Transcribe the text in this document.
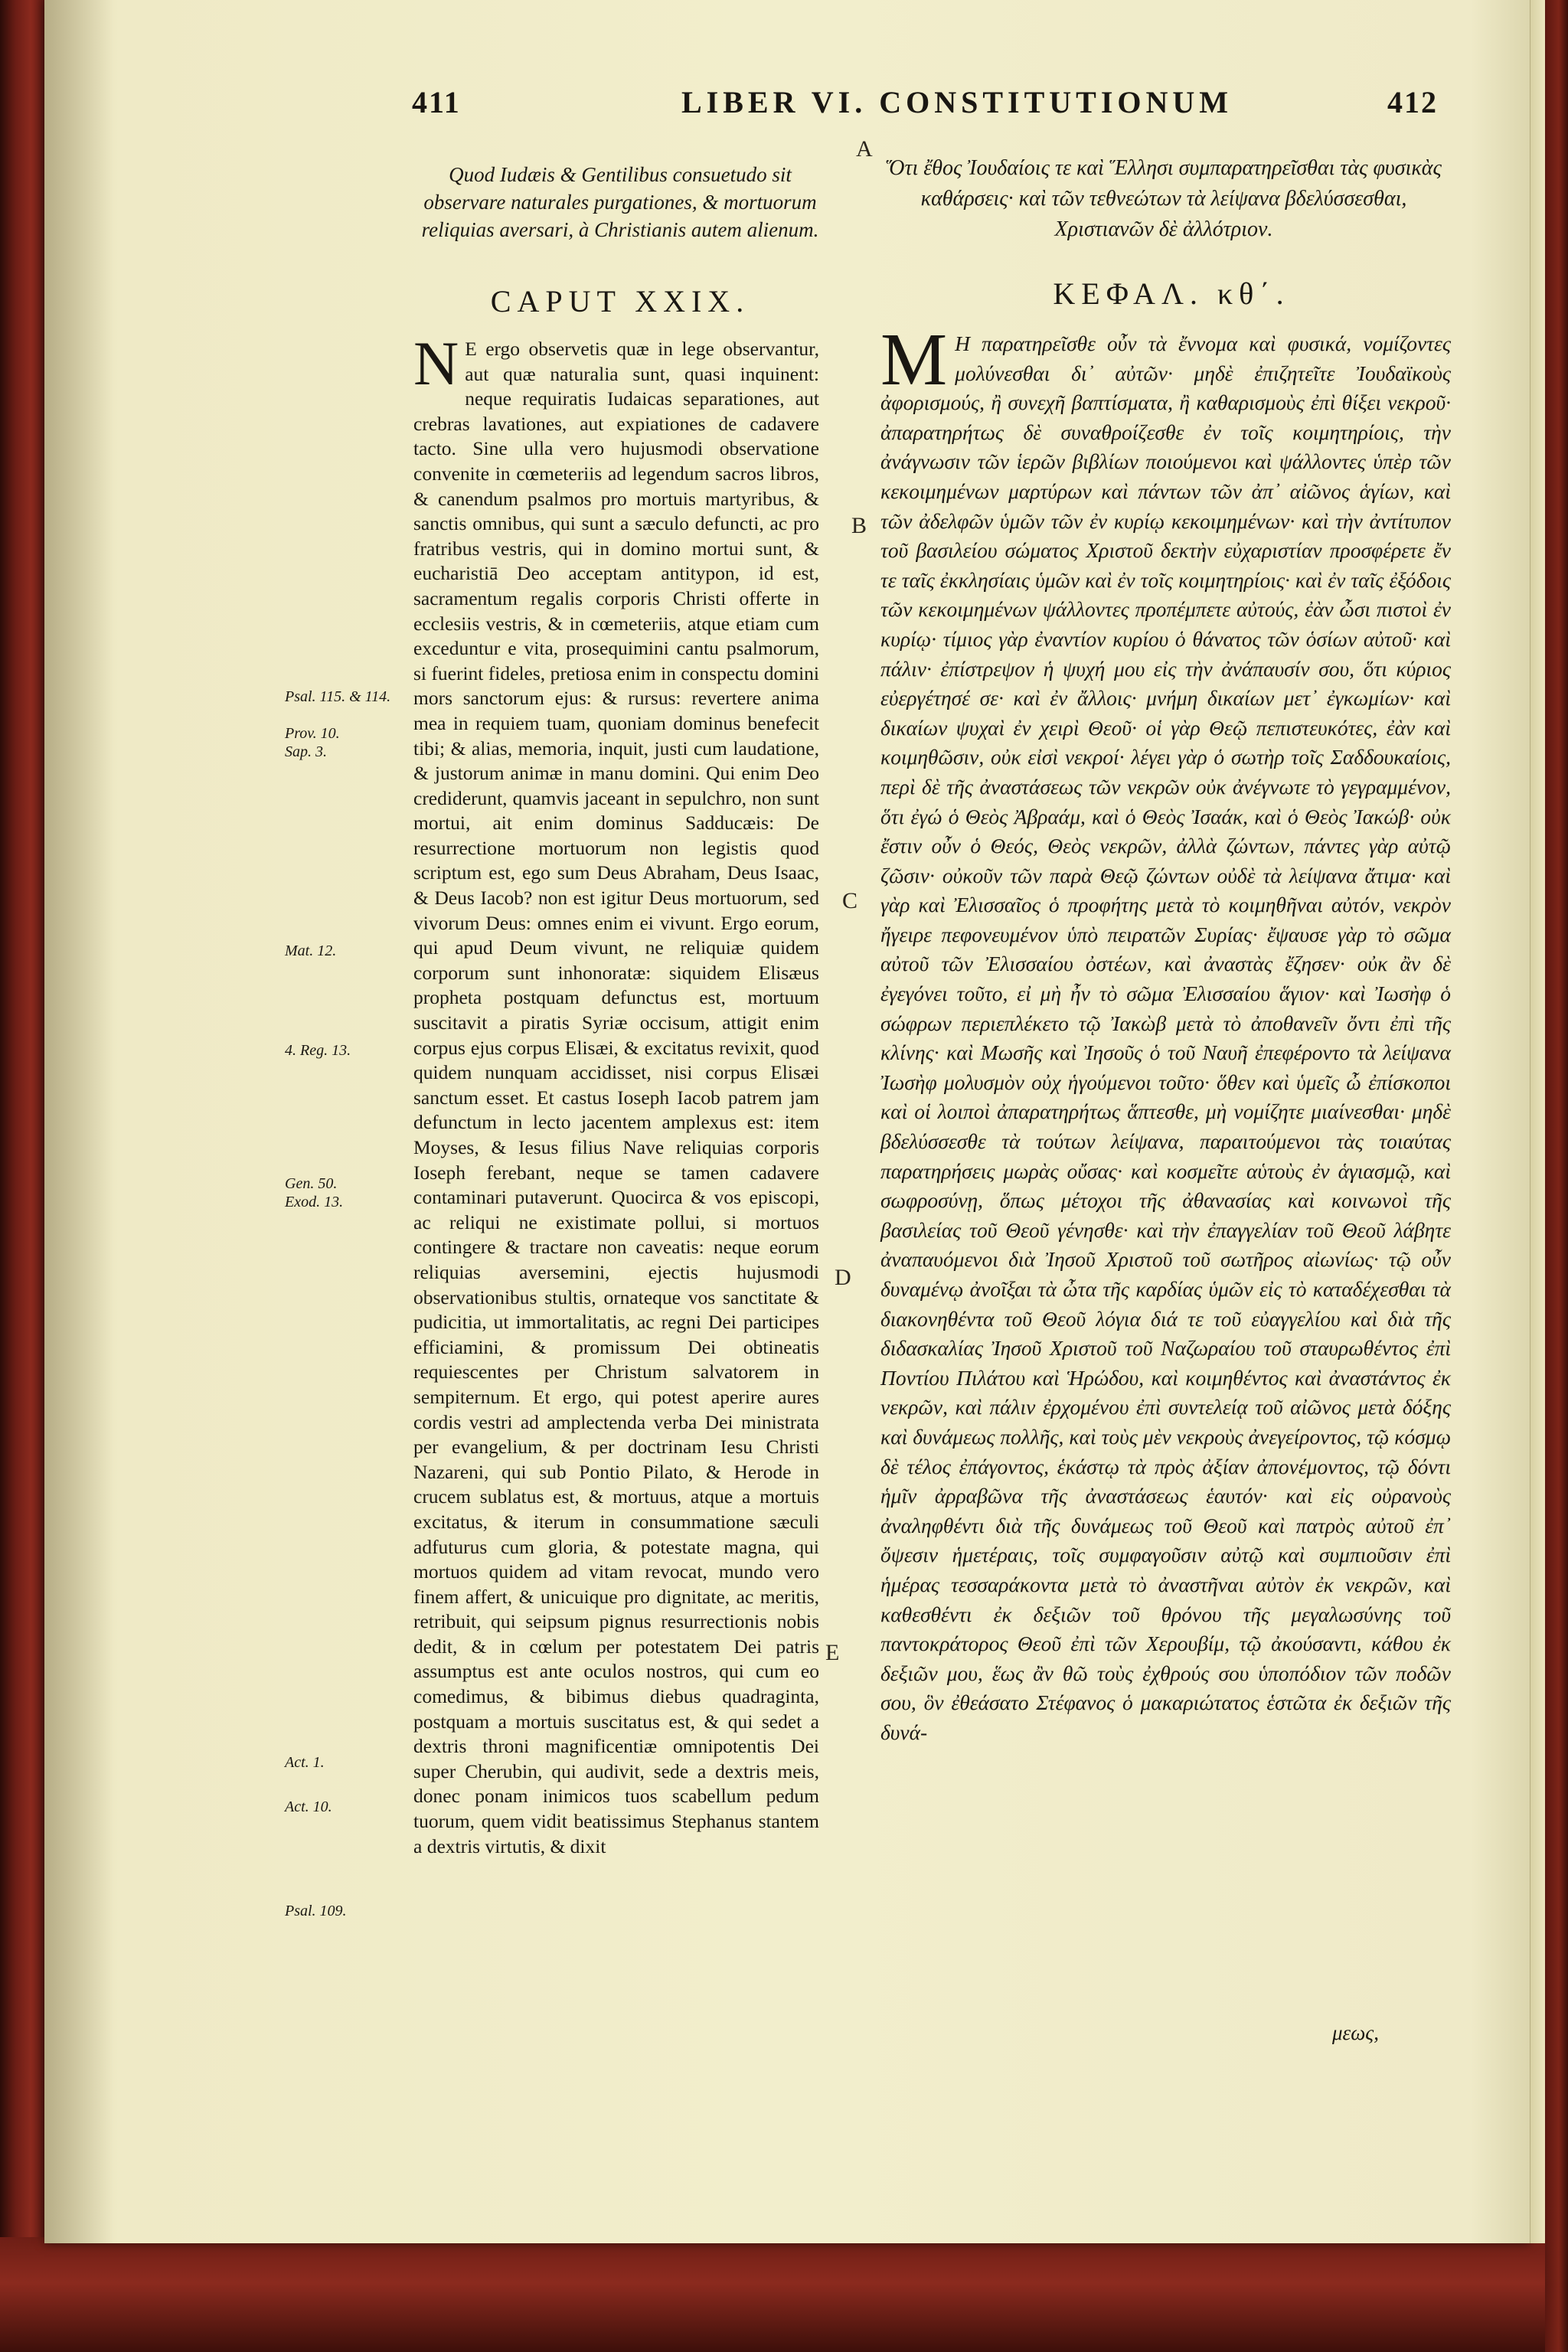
411	LIBER VI. CONSTITUTIONUM	412
A
B
C
D
E
Quod Iudæis & Gentilibus consuetudo sit observare naturales purgationes, & mortuorum reliquias aversari, à Christianis autem alienum.
CAPUT XXIX.
N E ergo observetis quæ in lege observantur, aut quæ naturalia sunt, quasi inquinent: neque requiratis Iudaicas separationes, aut crebras lavationes, aut expiationes de cadavere tacto. Sine ulla vero hujusmodi observatione convenite in cœmeteriis ad legendum sacros libros, & canendum psalmos pro mortuis martyribus, & sanctis omnibus, qui sunt a sæculo defuncti, ac pro fratribus vestris, qui in domino mortui sunt, & eucharistiā Deo acceptam antitypon, id est, sacramentum regalis corporis Christi offerte in ecclesiis vestris, & in cœmeteriis, atque etiam cum exceduntur e vita, prosequimini cantu psalmorum, si fuerint fideles, pretiosa enim in conspectu domini mors sanctorum ejus: & rursus: revertere anima mea in requiem tuam, quoniam dominus benefecit tibi; & alias, memoria, inquit, justi cum laudatione, & justorum animæ in manu domini. Qui enim Deo crediderunt, quamvis jaceant in sepulchro, non sunt mortui, ait enim dominus Sadducæis: De resurrectione mortuorum non legistis quod scriptum est, ego sum Deus Abraham, Deus Isaac, & Deus Iacob? non est igitur Deus mortuorum, sed vivorum Deus: omnes enim ei vivunt. Ergo eorum, qui apud Deum vivunt, ne reliquiæ quidem corporum sunt inhonoratæ: siquidem Elisæus propheta postquam defunctus est, mortuum suscitavit a piratis Syriæ occisum, attigit enim corpus ejus corpus Elisæi, & excitatus revixit, quod quidem nunquam accidisset, nisi corpus Elisæi sanctum esset. Et castus Ioseph Iacob patrem jam defunctum in lecto jacentem amplexus est: item Moyses, & Iesus filius Nave reliquias corporis Ioseph ferebant, neque se tamen cadavere contaminari putaverunt. Quocirca & vos episcopi, ac reliqui ne existimate pollui, si mortuos contingere & tractare non caveatis: neque eorum reliquias aversemini, ejectis hujusmodi observationibus stultis, ornateque vos sanctitate & pudicitia, ut immortalitatis, ac regni Dei participes efficiamini, & promissum Dei obtineatis requiescentes per Christum salvatorem in sempiternum. Et ergo, qui potest aperire aures cordis vestri ad amplectenda verba Dei ministrata per evangelium, & per doctrinam Iesu Christi Nazareni, qui sub Pontio Pilato, & Herode in crucem sublatus est, & mortuus, atque a mortuis excitatus, & iterum in consummatione sæculi adfuturus cum gloria, & potestate magna, qui mortuos quidem ad vitam revocat, mundo vero finem affert, & unicuique pro dignitate, ac meritis, retribuit, qui seipsum pignus resurrectionis nobis dedit, & in cœlum per potestatem Dei patris assumptus est ante oculos nostros, qui cum eo comedimus, & bibimus diebus quadraginta, postquam a mortuis suscitatus est, & qui sedet a dextris throni magnificentiæ omnipotentis Dei super Cherubin, qui audivit, sede a dextris meis, donec ponam inimicos tuos scabellum pedum tuorum, quem vidit beatissimus Stephanus stantem a dextris virtutis, & dixit
Psal. 115. & 114.
Prov. 10.
Sap. 3.
Mat. 12.
4. Reg. 13.
Gen. 50.
Exod. 13.
Act. 1.
Act. 10.
Psal. 109.
Ὅτι ἔθος Ἰουδαίοις τε καὶ Ἕλλησι συμπαρατηρεῖσθαι τὰς φυσικὰς καθάρσεις· καὶ τῶν τεθνεώτων τὰ λείψανα βδελύσσεσθαι, Χριστιανῶν δὲ ἀλλότριον.
ΚΕΦΑΛ. κθ΄.
Μ Η παρατηρεῖσθε οὖν τὰ ἔννομα καὶ φυσικά, νομίζοντες μολύνεσθαι δι᾽ αὐτῶν· μηδὲ ἐπιζητεῖτε Ἰουδαϊκοὺς ἀφορισμούς, ἢ συνεχῆ βαπτίσματα, ἢ καθαρισμοὺς ἐπὶ θίξει νεκροῦ· ἀπαρατηρήτως δὲ συναθροίζεσθε ἐν τοῖς κοιμητηρίοις, τὴν ἀνάγνωσιν τῶν ἱερῶν βιβλίων ποιούμενοι καὶ ψάλλοντες ὑπὲρ τῶν κεκοιμημένων μαρτύρων καὶ πάντων τῶν ἀπ᾽ αἰῶνος ἁγίων, καὶ τῶν ἀδελφῶν ὑμῶν τῶν ἐν κυρίῳ κεκοιμημένων· καὶ τὴν ἀντίτυπον τοῦ βασιλείου σώματος Χριστοῦ δεκτὴν εὐχαριστίαν προσφέρετε ἔν τε ταῖς ἐκκλησίαις ὑμῶν καὶ ἐν τοῖς κοιμητηρίοις· καὶ ἐν ταῖς ἐξόδοις τῶν κεκοιμημένων ψάλλοντες προπέμπετε αὐτούς, ἐὰν ὦσι πιστοὶ ἐν κυρίῳ· τίμιος γὰρ ἐναντίον κυρίου ὁ θάνατος τῶν ὁσίων αὐτοῦ· καὶ πάλιν· ἐπίστρεψον ἡ ψυχή μου εἰς τὴν ἀνάπαυσίν σου, ὅτι κύριος εὐεργέτησέ σε· καὶ ἐν ἄλλοις· μνήμη δικαίων μετ᾽ ἐγκωμίων· καὶ δικαίων ψυχαὶ ἐν χειρὶ Θεοῦ· οἱ γὰρ Θεῷ πεπιστευκότες, ἐὰν καὶ κοιμηθῶσιν, οὐκ εἰσὶ νεκροί· λέγει γὰρ ὁ σωτὴρ τοῖς Σαδδουκαίοις, περὶ δὲ τῆς ἀναστάσεως τῶν νεκρῶν οὐκ ἀνέγνωτε τὸ γεγραμμένον, ὅτι ἐγώ ὁ Θεὸς Ἀβραάμ, καὶ ὁ Θεὸς Ἰσαάκ, καὶ ὁ Θεὸς Ἰακώβ· οὐκ ἔστιν οὖν ὁ Θεός, Θεὸς νεκρῶν, ἀλλὰ ζώντων, πάντες γὰρ αὐτῷ ζῶσιν· οὐκοῦν τῶν παρὰ Θεῷ ζώντων οὐδὲ τὰ λείψανα ἄτιμα· καὶ γὰρ καὶ Ἐλισσαῖος ὁ προφήτης μετὰ τὸ κοιμηθῆναι αὐτόν, νεκρὸν ἤγειρε πεφονευμένον ὑπὸ πειρατῶν Συρίας· ἔψαυσε γὰρ τὸ σῶμα αὐτοῦ τῶν Ἐλισσαίου ὀστέων, καὶ ἀναστὰς ἔζησεν· οὐκ ἂν δὲ ἐγεγόνει τοῦτο, εἰ μὴ ἦν τὸ σῶμα Ἐλισσαίου ἅγιον· καὶ Ἰωσὴφ ὁ σώφρων περιεπλέκετο τῷ Ἰακὼβ μετὰ τὸ ἀποθανεῖν ὄντι ἐπὶ τῆς κλίνης· καὶ Μωσῆς καὶ Ἰησοῦς ὁ τοῦ Ναυῆ ἐπεφέροντο τὰ λείψανα Ἰωσὴφ μολυσμὸν οὐχ ἡγούμενοι τοῦτο· ὅθεν καὶ ὑμεῖς ὦ ἐπίσκοποι καὶ οἱ λοιποὶ ἀπαρατηρήτως ἅπτεσθε, μὴ νομίζητε μιαίνεσθαι· μηδὲ βδελύσσεσθε τὰ τούτων λείψανα, παραιτούμενοι τὰς τοιαύτας παρατηρήσεις μωρὰς οὔσας· καὶ κοσμεῖτε αὑτοὺς ἐν ἁγιασμῷ, καὶ σωφροσύνῃ, ὅπως μέτοχοι τῆς ἀθανασίας καὶ κοινωνοὶ τῆς βασιλείας τοῦ Θεοῦ γένησθε· καὶ τὴν ἐπαγγελίαν τοῦ Θεοῦ λάβητε ἀναπαυόμενοι διὰ Ἰησοῦ Χριστοῦ τοῦ σωτῆρος αἰωνίως· τῷ οὖν δυναμένῳ ἀνοῖξαι τὰ ὦτα τῆς καρδίας ὑμῶν εἰς τὸ καταδέχεσθαι τὰ διακονηθέντα τοῦ Θεοῦ λόγια διά τε τοῦ εὐαγγελίου καὶ διὰ τῆς διδασκαλίας Ἰησοῦ Χριστοῦ τοῦ Ναζωραίου τοῦ σταυρωθέντος ἐπὶ Ποντίου Πιλάτου καὶ Ἡρώδου, καὶ κοιμηθέντος καὶ ἀναστάντος ἐκ νεκρῶν, καὶ πάλιν ἐρχομένου ἐπὶ συντελείᾳ τοῦ αἰῶνος μετὰ δόξης καὶ δυνάμεως πολλῆς, καὶ τοὺς μὲν νεκροὺς ἀνεγείροντος, τῷ κόσμῳ δὲ τέλος ἐπάγοντος, ἑκάστῳ τὰ πρὸς ἀξίαν ἀπονέμοντος, τῷ δόντι ἡμῖν ἀρραβῶνα τῆς ἀναστάσεως ἑαυτόν· καὶ εἰς οὐρανοὺς ἀναληφθέντι διὰ τῆς δυνάμεως τοῦ Θεοῦ καὶ πατρὸς αὐτοῦ ἐπ᾽ ὄψεσιν ἡμετέραις, τοῖς συμφαγοῦσιν αὐτῷ καὶ συμπιοῦσιν ἐπὶ ἡμέρας τεσσαράκοντα μετὰ τὸ ἀναστῆναι αὐτὸν ἐκ νεκρῶν, καὶ καθεσθέντι ἐκ δεξιῶν τοῦ θρόνου τῆς μεγαλωσύνης τοῦ παντοκράτορος Θεοῦ ἐπὶ τῶν Χερουβίμ, τῷ ἀκούσαντι, κάθου ἐκ δεξιῶν μου, ἕως ἂν θῶ τοὺς ἐχθρούς σου ὑποπόδιον τῶν ποδῶν σου, ὃν ἐθεάσατο Στέφανος ὁ μακαριώτατος ἑστῶτα ἐκ δεξιῶν τῆς δυνά-
μεως,
